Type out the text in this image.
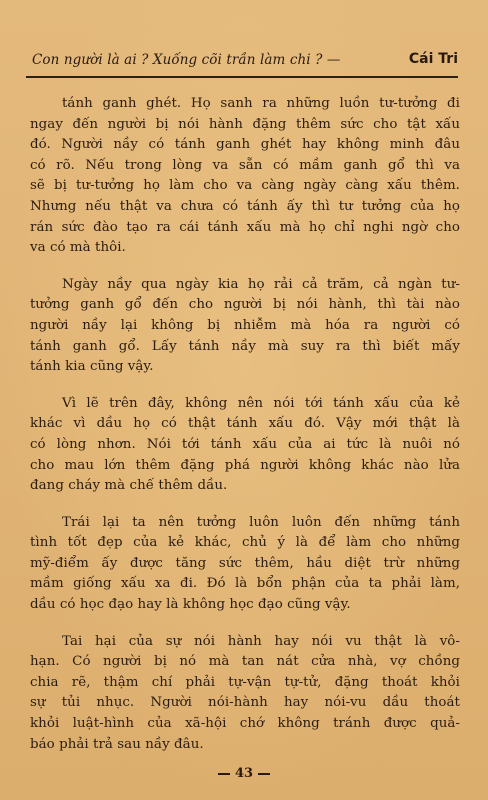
Con người là ai ? Xuống cõi trần làm chi ? —	Cái Tri
tánh ganh ghét. Họ sanh ra những luồn tư-tưởng đi
ngay đến người bị nói hành đặng thêm sức cho tật xấu
đó. Người nầy có tánh ganh ghét hay không minh đâu
có rõ. Nếu trong lòng va sẵn có mầm ganh gổ thì va
sẽ bị tư-tưởng họ làm cho va càng ngày càng xấu thêm.
Nhưng nếu thật va chưa có tánh ấy thì tư tưởng của họ
rán sức đào tạo ra cái tánh xấu mà họ chỉ nghi ngờ cho
va có mà thôi.
Ngày nầy qua ngày kia họ rải cả trăm, cả ngàn tư-
tưởng ganh gổ đến cho người bị nói hành, thì tài nào
người nầy lại không bị nhiễm mà hóa ra người có
tánh ganh gổ. Lấy tánh nầy mà suy ra thì biết mấy
tánh kia cũng vậy.
Vì lẽ trên đây, không nên nói tới tánh xấu của kẻ
khác vì dầu họ có thật tánh xấu đó. Vậy mới thật là
có lòng nhơn. Nói tới tánh xấu của ai tức là nuôi nó
cho mau lớn thêm đặng phá người không khác nào lửa
đang cháy mà chế thêm dầu.
Trái lại ta nên tưởng luôn luôn đến những tánh
tình tốt đẹp của kẻ khác, chủ ý là để làm cho những
mỹ-điểm ấy được tăng sức thêm, hầu diệt trừ những
mầm giống xấu xa đi. Đó là bổn phận của ta phải làm,
dầu có học đạo hay là không học đạo cũng vậy.
Tai hại của sự nói hành hay nói vu thật là vô-
hạn. Có người bị nó mà tan nát cửa nhà, vợ chồng
chia rẽ, thậm chí phải tự-vận tự-tử, đặng thoát khỏi
sự tủi nhục. Người nói-hành hay nói-vu dầu thoát
khỏi luật-hình của xã-hội chớ không tránh được quả-
báo phải trả sau nầy đâu.
43
